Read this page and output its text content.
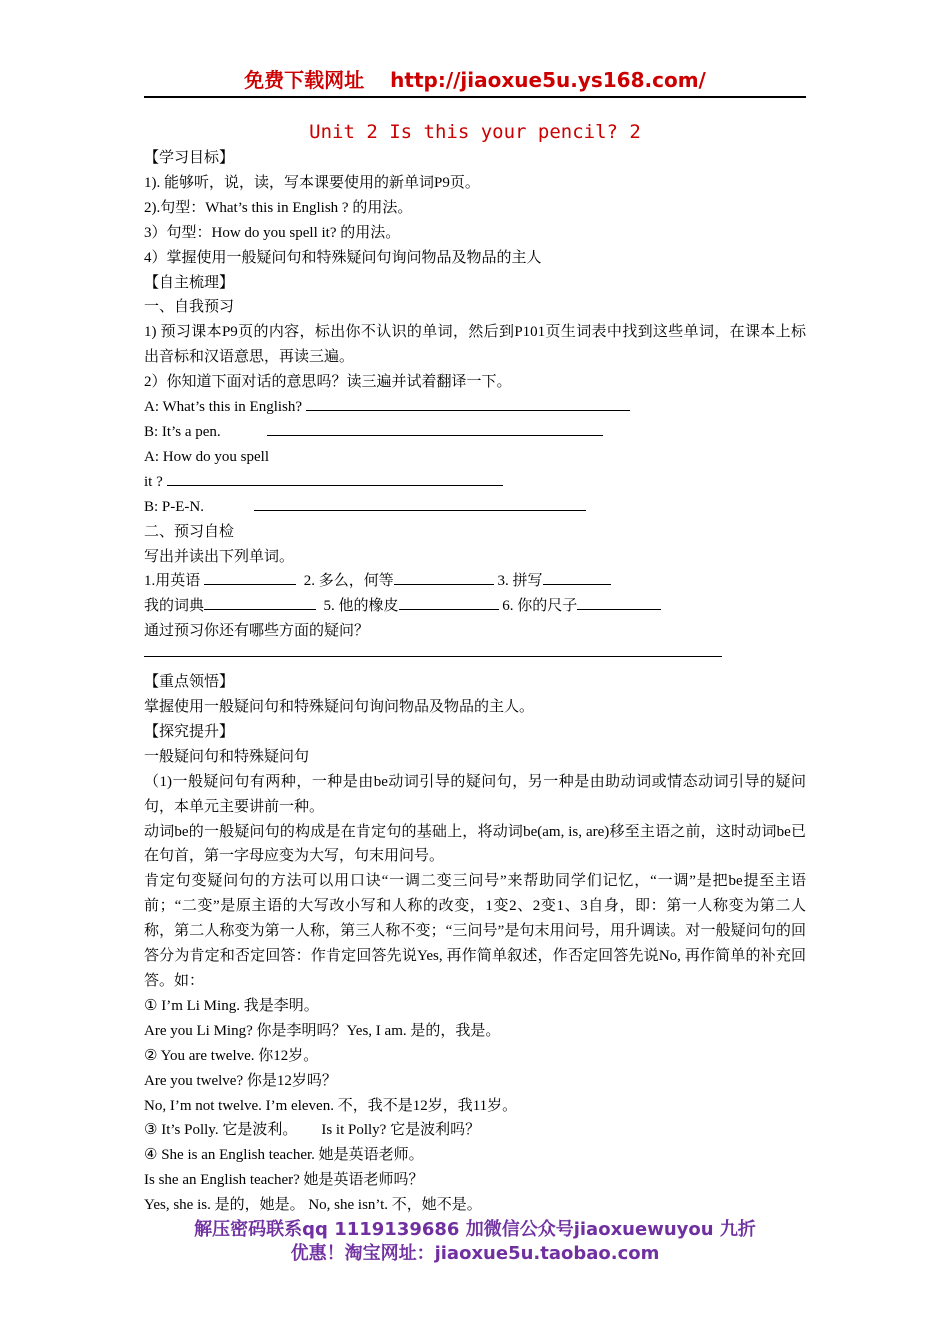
免费下载网址 http://jiaoxue5u.ys168.com/
Unit 2 Is this your pencil? 2

【学习目标】

1). 能够听，说，读，写本课要使用的新单词P9页。

2).句型：What’s this in English ? 的用法。

3）句型：How do you spell it? 的用法。

4）掌握使用一般疑问句和特殊疑问句询问物品及物品的主人

【自主梳理】

一、自我预习

1) 预习课本P9页的内容，标出你不认识的单词，然后到P101页生词表中找到这些单词，在课本上标出音标和汉语意思，再读三遍。

2）你知道下面对话的意思吗？读三遍并试着翻译一下。

A: What’s this in English?

B: It’s a pen.

A: How do you spell

it ?

B: P-E-N.

二、预习自检

写出并读出下列单词。

1.用英语	2. 多么，何等	3. 拼写

我的词典	5. 他的橡皮	6. 你的尺子

通过预习你还有哪些方面的疑问？

【重点领悟】

掌握使用一般疑问句和特殊疑问句询问物品及物品的主人。

【探究提升】

一般疑问句和特殊疑问句

（1)一般疑问句有两种，一种是由be动词引导的疑问句，另一种是由助动词或情态动词引导的疑问句，本单元主要讲前一种。

动词be的一般疑问句的构成是在肯定句的基础上，将动词be(am, is, are)移至主语之前，这时动词be已在句首，第一字母应变为大写，句末用问号。

肯定句变疑问句的方法可以用口诀“一调二变三问号”来帮助同学们记忆，“一调”是把be提至主语前；“二变”是原主语的大写改小写和人称的改变，1变2、2变1、3自身，即：第一人称变为第二人称，第二人称变为第一人称，第三人称不变；“三问号”是句末用问号，用升调读。对一般疑问句的回答分为肯定和否定回答：作肯定回答先说Yes, 再作简单叙述，作否定回答先说No, 再作简单的补充回答。如：

① I’m Li Ming. 我是李明。

Are you Li Ming? 你是李明吗？Yes, I am. 是的，我是。

② You are twelve. 你12岁。

Are you twelve? 你是12岁吗？

No, I’m not twelve. I’m eleven. 不，我不是12岁，我11岁。

③ It’s Polly. 它是波利。 Is it Polly? 它是波利吗？

④ She is an English teacher. 她是英语老师。

Is she an English teacher? 她是英语老师吗？

Yes, she is. 是的，她是。 No, she isn’t. 不，她不是。

解压密码联系qq 1119139686 加微信公众号jiaoxuewuyou 九折
优惠！淘宝网址：jiaoxue5u.taobao.com
